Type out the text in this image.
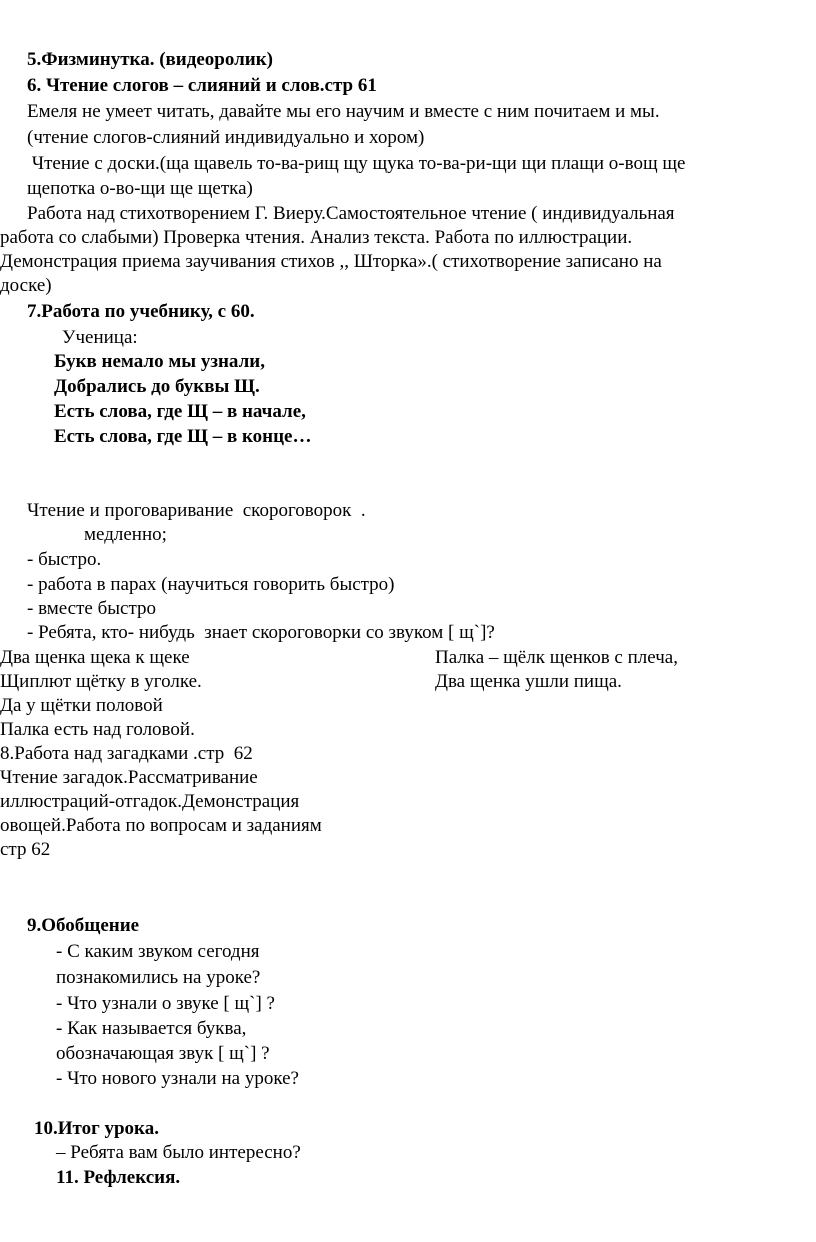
5.Физминутка. (видеоролик)
6. Чтение слогов – слияний и слов.стр 61
Емеля не умеет читать, давайте мы его научим и вместе с ним почитаем и мы.
(чтение слогов-слияний индивидуально и хором)
Чтение с доски.(ща щавель то-ва-рищ щу щука то-ва-ри-щи щи плащи о-вощ ще
щепотка о-во-щи ще щетка)
Работа над стихотворением Г. Виеру.Самостоятельное чтение ( индивидуальная
работа со слабыми) Проверка чтения. Анализ текста. Работа по иллюстрации.
Демонстрация приема заучивания стихов ,, Шторка».( стихотворение записано на
доске)
7.Работа по учебнику, с 60.
Ученица:
Букв немало мы узнали,
Добрались до буквы Щ.
Есть слова, где Щ – в начале,
Есть слова, где Щ – в конце…
Чтение и проговаривание  скороговорок  .
медленно;
- быстро.
- работа в парах (научиться говорить быстро)
- вместе быстро
- Ребята, кто- нибудь  знает скороговорки со звуком [ щ`]?
Два щенка щека к щеке
Щиплют щётку в уголке.
Да у щётки половой
Палка есть над головой.
Палка – щёлк щенков с плеча,
Два щенка ушли пища.
8.Работа над загадками .стр  62
Чтение загадок.Рассматривание
иллюстраций-отгадок.Демонстрация
овощей.Работа по вопросам и заданиям
стр 62
9.Обобщение
- С каким звуком сегодня
познакомились на уроке?
- Что узнали о звуке [ щ`] ?
- Как называется буква,
обозначающая звук [ щ`] ?
- Что нового узнали на уроке?
10.Итог урока.
– Ребята вам было интересно?
11. Рефлексия.
